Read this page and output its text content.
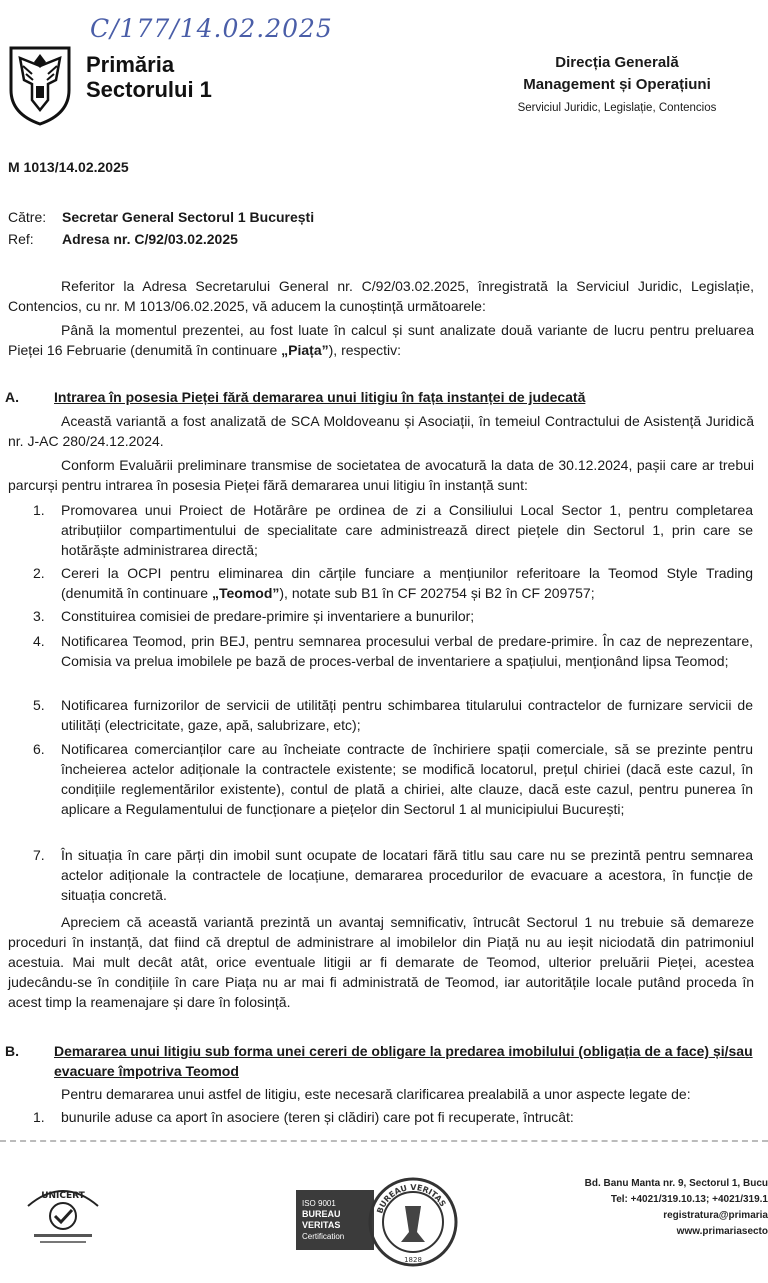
C/177/14.02.2025
Primăria
Sectorului 1
Direcția Generală
Management și Operațiuni
Serviciul Juridic, Legislație, Contencios
M 1013/14.02.2025
Către: Secretar General Sectorul 1 București
Ref: Adresa nr. C/92/03.02.2025
Referitor la Adresa Secretarului General nr. C/92/03.02.2025, înregistrată la Serviciul Juridic, Legislație, Contencios, cu nr. M 1013/06.02.2025, vă aducem la cunoștință următoarele:
Până la momentul prezentei, au fost luate în calcul și sunt analizate două variante de lucru pentru preluarea Pieței 16 Februarie (denumită în continuare „Piața”), respectiv:
A.	Intrarea în posesia Pieței fără demararea unui litigiu în fața instanței de judecată
Această variantă a fost analizată de SCA Moldoveanu și Asociații, în temeiul Contractului de Asistență Juridică nr. J-AC 280/24.12.2024.
Conform Evaluării preliminare transmise de societatea de avocatură la data de 30.12.2024, pașii care ar trebui parcurși pentru intrarea în posesia Pieței fără demararea unui litigiu în instanță sunt:
1.	Promovarea unui Proiect de Hotărâre pe ordinea de zi a Consiliului Local Sector 1, pentru completarea atribuțiilor compartimentului de specialitate care administrează direct piețele din Sectorul 1, prin care se hotărăște administrarea directă;
2.	Cereri la OCPI pentru eliminarea din cărțile funciare a mențiunilor referitoare la Teomod Style Trading (denumită în continuare „Teomod”), notate sub B1 în CF 202754 și B2 în CF 209757;
3.	Constituirea comisiei de predare-primire și inventariere a bunurilor;
4.	Notificarea Teomod, prin BEJ, pentru semnarea procesului verbal de predare-primire. În caz de neprezentare, Comisia va prelua imobilele pe bază de proces-verbal de inventariere a spațiului, menționând lipsa Teomod;
5.	Notificarea furnizorilor de servicii de utilități pentru schimbarea titularului contractelor de furnizare servicii de utilități (electricitate, gaze, apă, salubrizare, etc);
6.	Notificarea comercianților care au încheiate contracte de închiriere spații comerciale, să se prezinte pentru încheierea actelor adiționale la contractele existente; se modifică locatorul, prețul chiriei (dacă este cazul, în condițiile reglementărilor existente), contul de plată a chiriei, alte clauze, dacă este cazul, pentru punerea în aplicare a Regulamentului de funcționare a piețelor din Sectorul 1 al municipiului București;
7.	În situația în care părți din imobil sunt ocupate de locatari fără titlu sau care nu se prezintă pentru semnarea actelor adiționale la contractele de locațiune, demararea procedurilor de evacuare a acestora, în funcție de situația concretă.
Apreciem că această variantă prezintă un avantaj semnificativ, întrucât Sectorul 1 nu trebuie să demareze proceduri în instanță, dat fiind că dreptul de administrare al imobilelor din Piață nu au ieșit niciodată din patrimoniul acestuia. Mai mult decât atât, orice eventuale litigii ar fi demarate de Teomod, ulterior preluării Pieței, acestea judecându-se în condițiile în care Piața nu ar mai fi administrată de Teomod, iar autoritățile locale putând proceda în acest timp la reamenajare și dare în folosință.
B.	Demararea unui litigiu sub forma unei cereri de obligare la predarea imobilului (obligația de a face) și/sau evacuare împotriva Teomod
Pentru demararea unui astfel de litigiu, este necesară clarificarea prealabilă a unor aspecte legate de:
1.	bunurile aduse ca aport în asociere (teren și clădiri) care pot fi recuperate, întrucât:
UNICERT
ISO 9001
BUREAU VERITAS
Certification
BUREAU VERITAS
1828
Bd. Banu Manta nr. 9, Sectorul 1, Bucu
Tel: +4021/319.10.13; +4021/319.1
registratura@primaria
www.primariasecto
